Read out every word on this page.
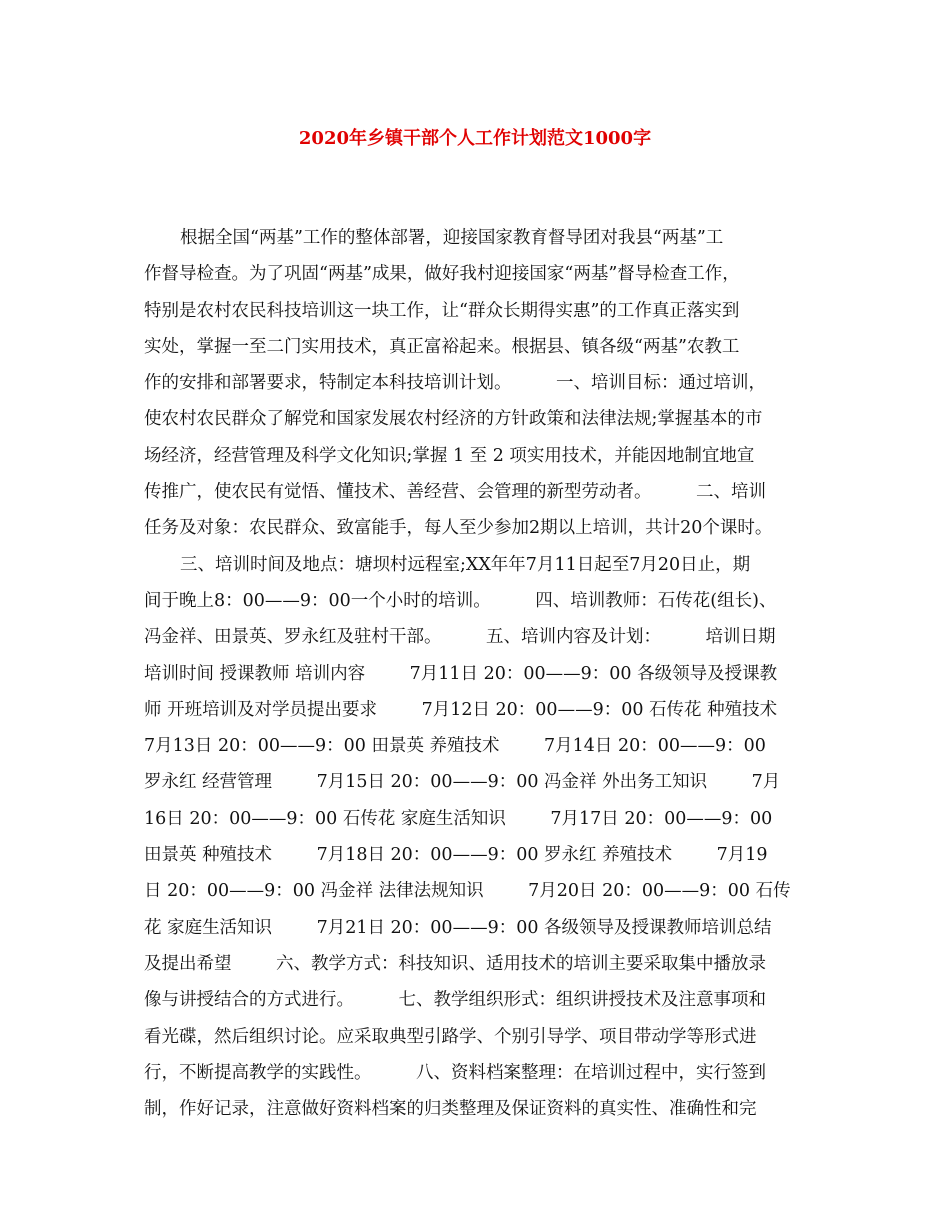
2020年乡镇干部个人工作计划范文1000字
根据全国“两基”工作的整体部署，迎接国家教育督导团对我县“两基”工
作督导检查。为了巩固“两基”成果，做好我村迎接国家“两基”督导检查工作，
特别是农村农民科技培训这一块工作，让“群众长期得实惠”的工作真正落实到
实处，掌握一至二门实用技术，真正富裕起来。根据县、镇各级“两基”农教工
作的安排和部署要求，特制定本科技培训计划。        一、培训目标：通过培训，
使农村农民群众了解党和国家发展农村经济的方针政策和法律法规;掌握基本的市
场经济，经营管理及科学文化知识;掌握 1 至 2 项实用技术，并能因地制宜地宣
传推广，使农民有觉悟、懂技术、善经营、会管理的新型劳动者。        二、培训
任务及对象：农民群众、致富能手，每人至少参加2期以上培训，共计20个课时。
三、培训时间及地点：塘坝村远程室;XX年年7月11日起至7月20日止，期
间于晚上8：00——9：00一个小时的培训。        四、培训教师：石传花(组长)、
冯金祥、田景英、罗永红及驻村干部。        五、培训内容及计划：        培训日期
培训时间 授课教师 培训内容        7月11日 20：00——9：00 各级领导及授课教
师 开班培训及对学员提出要求        7月12日 20：00——9：00 石传花 种殖技术
7月13日 20：00——9：00 田景英 养殖技术        7月14日 20：00——9：00
罗永红 经营管理        7月15日 20：00——9：00 冯金祥 外出务工知识        7月
16日 20：00——9：00 石传花 家庭生活知识        7月17日 20：00——9：00
田景英 种殖技术        7月18日 20：00——9：00 罗永红 养殖技术        7月19
日 20：00——9：00 冯金祥 法律法规知识        7月20日 20：00——9：00 石传
花 家庭生活知识        7月21日 20：00——9：00 各级领导及授课教师培训总结
及提出希望        六、教学方式：科技知识、适用技术的培训主要采取集中播放录
像与讲授结合的方式进行。        七、教学组织形式：组织讲授技术及注意事项和
看光碟，然后组织讨论。应采取典型引路学、个别引导学、项目带动学等形式进
行，不断提高教学的实践性。        八、资料档案整理：在培训过程中，实行签到
制，作好记录，注意做好资料档案的归类整理及保证资料的真实性、准确性和完
